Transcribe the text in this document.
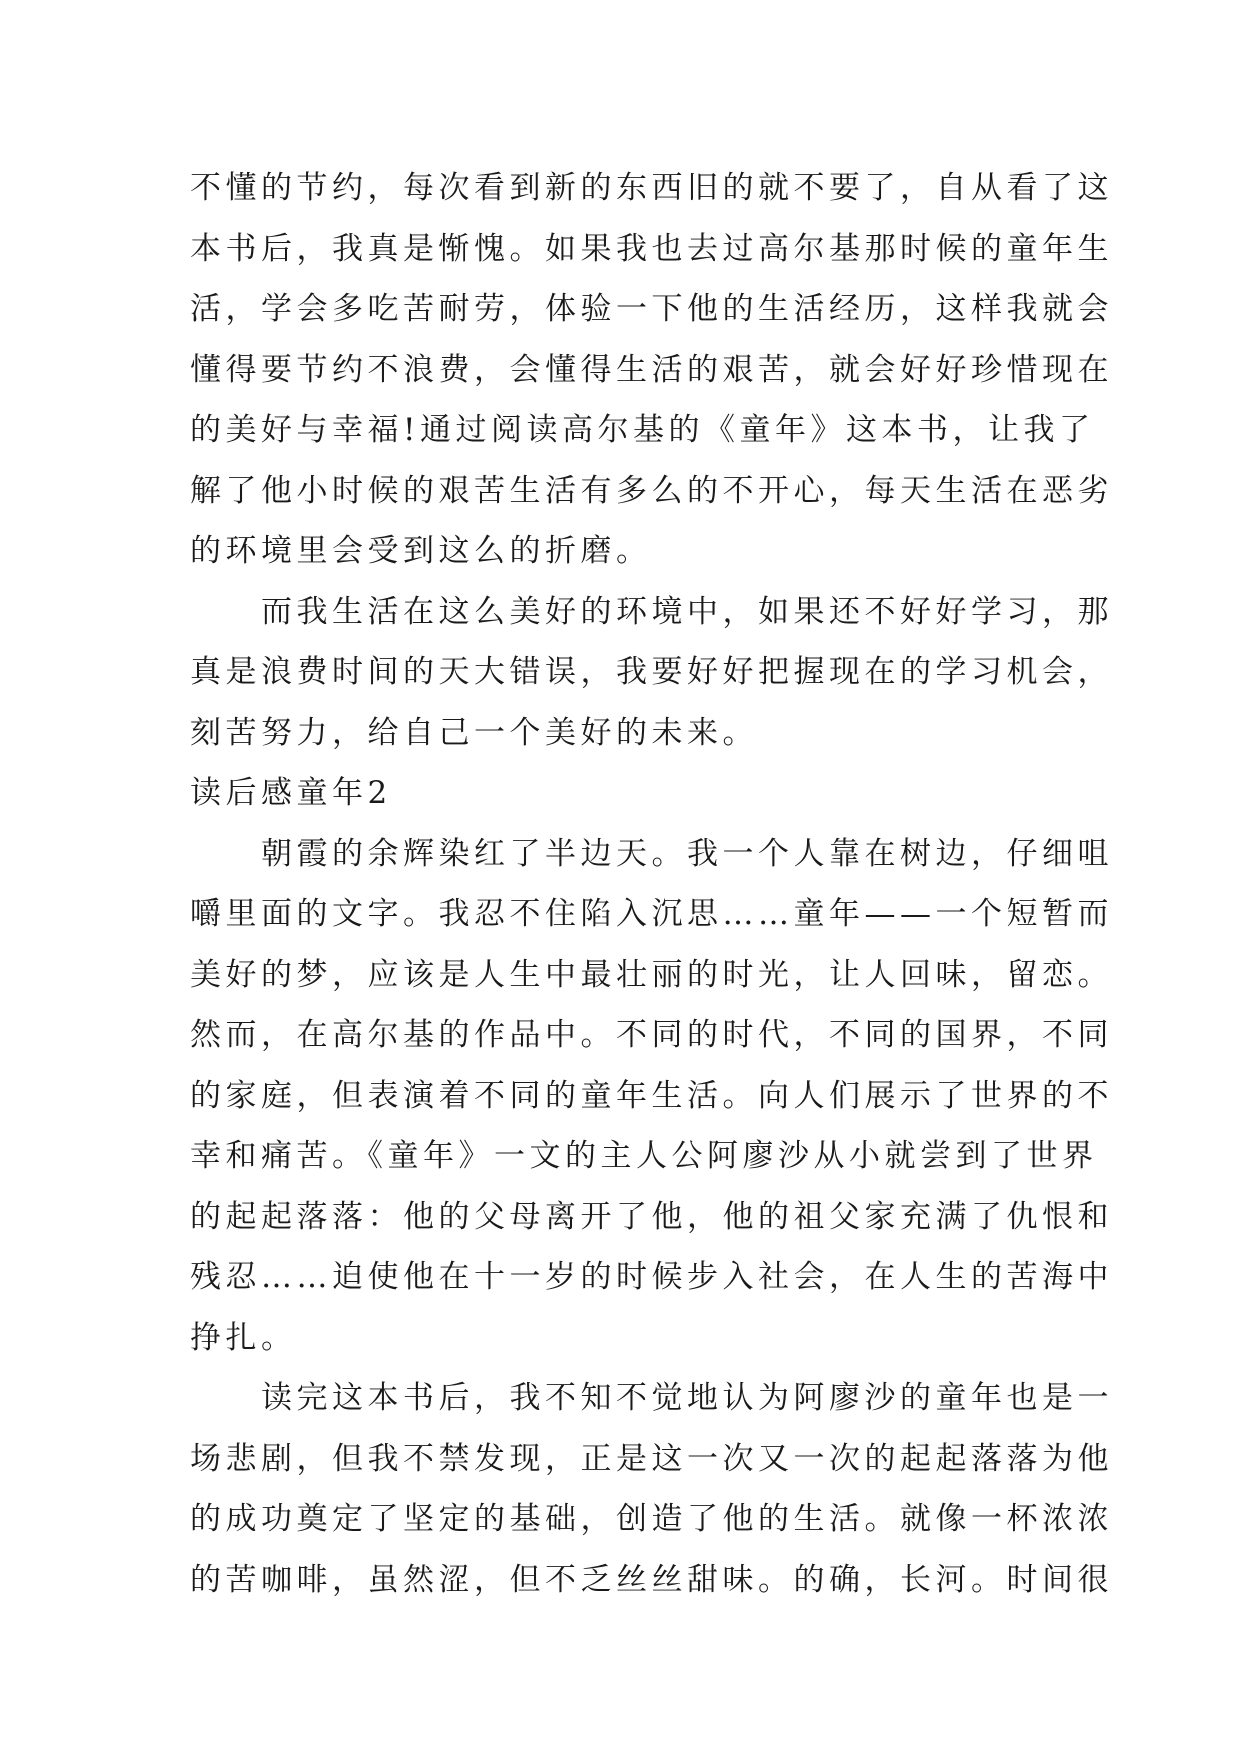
不懂的节约，每次看到新的东西旧的就不要了，自从看了这
本书后，我真是惭愧。如果我也去过高尔基那时候的童年生
活，学会多吃苦耐劳，体验一下他的生活经历，这样我就会
懂得要节约不浪费，会懂得生活的艰苦，就会好好珍惜现在
的美好与幸福!通过阅读高尔基的《童年》这本书，让我了
解了他小时候的艰苦生活有多么的不开心，每天生活在恶劣
的环境里会受到这么的折磨。
　　而我生活在这么美好的环境中，如果还不好好学习，那
真是浪费时间的天大错误，我要好好把握现在的学习机会，
刻苦努力，给自己一个美好的未来。
读后感童年2
　　朝霞的余辉染红了半边天。我一个人靠在树边，仔细咀
嚼里面的文字。我忍不住陷入沉思……童年——一个短暂而
美好的梦，应该是人生中最壮丽的时光，让人回味，留恋。
然而，在高尔基的作品中。不同的时代，不同的国界，不同
的家庭，但表演着不同的童年生活。向人们展示了世界的不
幸和痛苦。《童年》一文的主人公阿廖沙从小就尝到了世界
的起起落落：他的父母离开了他，他的祖父家充满了仇恨和
残忍……迫使他在十一岁的时候步入社会，在人生的苦海中
挣扎。
　　读完这本书后，我不知不觉地认为阿廖沙的童年也是一
场悲剧，但我不禁发现，正是这一次又一次的起起落落为他
的成功奠定了坚定的基础，创造了他的生活。就像一杯浓浓
的苦咖啡，虽然涩，但不乏丝丝甜味。的确，长河。时间很
